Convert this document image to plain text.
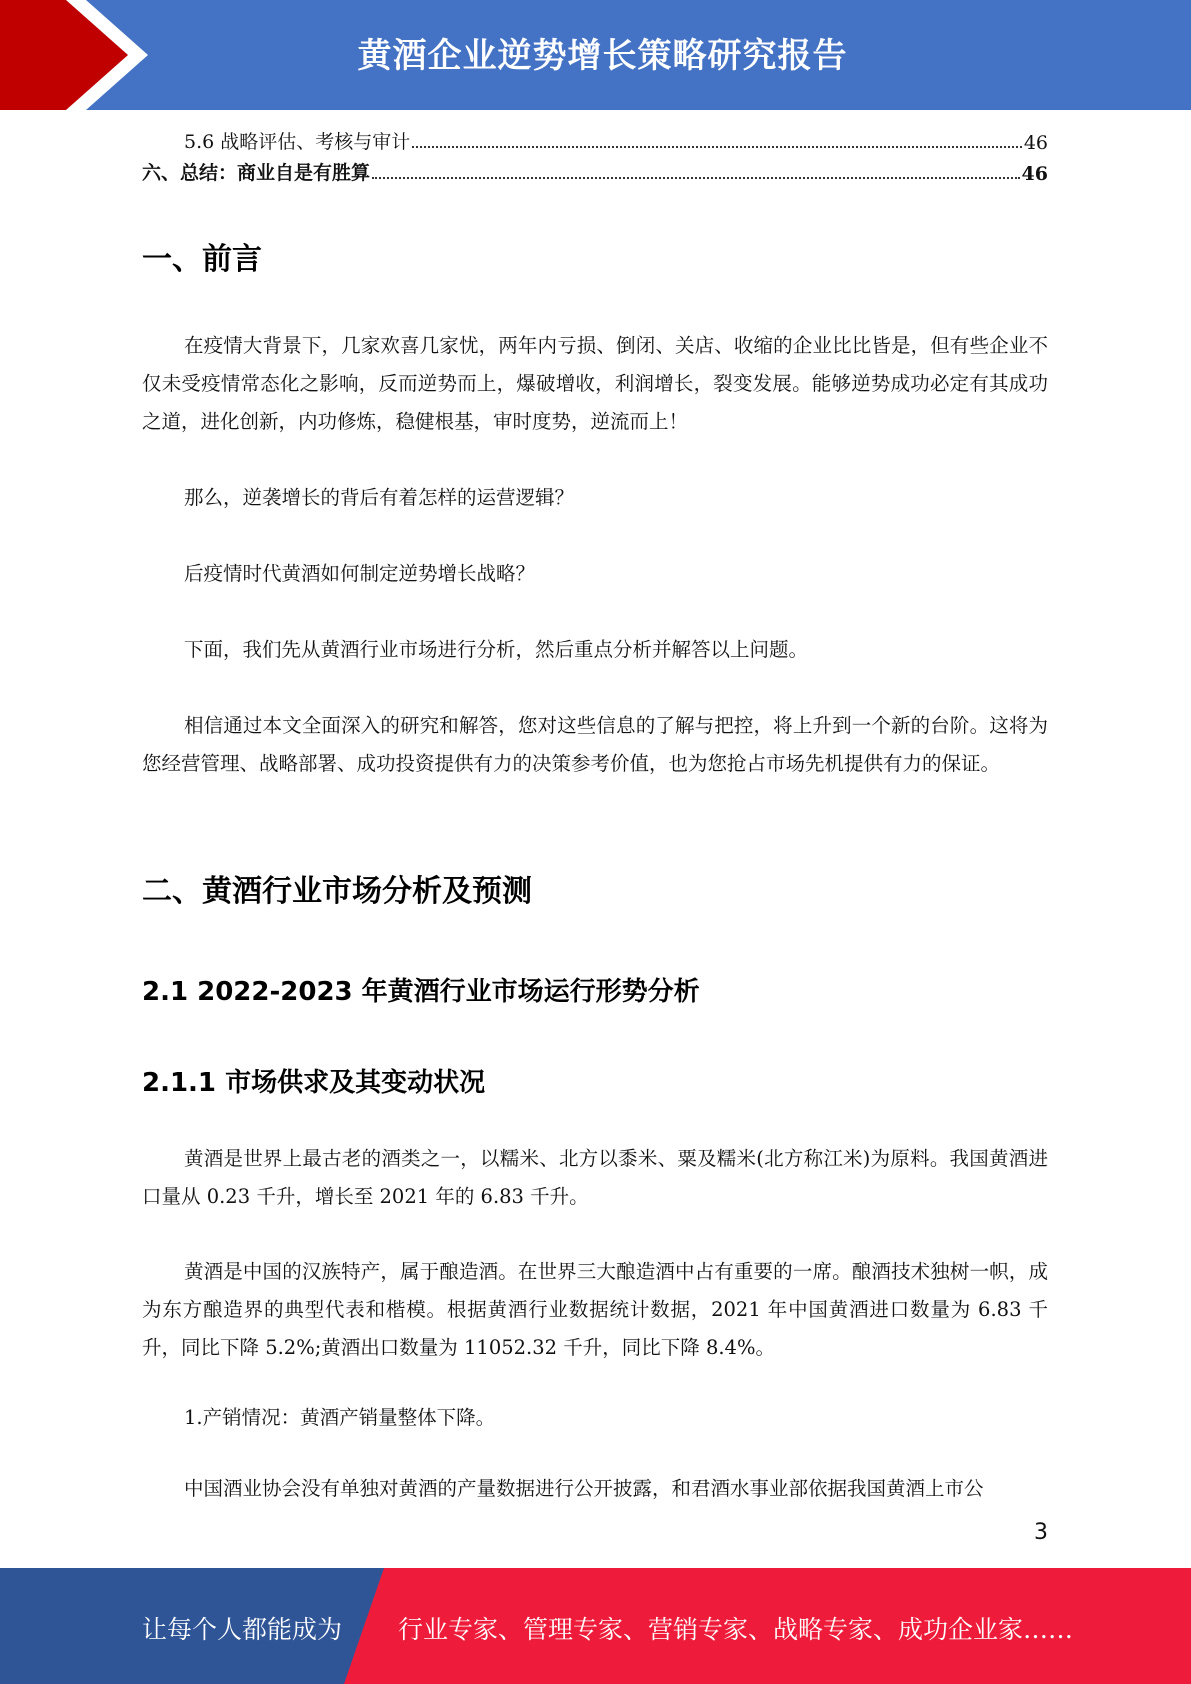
黄酒企业逆势增长策略研究报告
5.6 战略评估、考核与审计	46
六、总结：商业自是有胜算	46
一、前言
在疫情大背景下，几家欢喜几家忧，两年内亏损、倒闭、关店、收缩的企业比比皆是，但有些企业不仅未受疫情常态化之影响，反而逆势而上，爆破增收，利润增长，裂变发展。能够逆势成功必定有其成功之道，进化创新，内功修炼，稳健根基，审时度势，逆流而上！
那么，逆袭增长的背后有着怎样的运营逻辑？
后疫情时代黄酒如何制定逆势增长战略？
下面，我们先从黄酒行业市场进行分析，然后重点分析并解答以上问题。
相信通过本文全面深入的研究和解答，您对这些信息的了解与把控，将上升到一个新的台阶。这将为您经营管理、战略部署、成功投资提供有力的决策参考价值，也为您抢占市场先机提供有力的保证。
二、黄酒行业市场分析及预测
2.1 2022-2023 年黄酒行业市场运行形势分析
2.1.1 市场供求及其变动状况
黄酒是世界上最古老的酒类之一，以糯米、北方以黍米、粟及糯米(北方称江米)为原料。我国黄酒进口量从 0.23 千升，增长至 2021 年的 6.83 千升。
黄酒是中国的汉族特产，属于酿造酒。在世界三大酿造酒中占有重要的一席。酿酒技术独树一帜，成为东方酿造界的典型代表和楷模。根据黄酒行业数据统计数据，2021 年中国黄酒进口数量为 6.83 千升，同比下降 5.2%;黄酒出口数量为 11052.32 千升，同比下降 8.4%。
1.产销情况：黄酒产销量整体下降。
中国酒业协会没有单独对黄酒的产量数据进行公开披露，和君酒水事业部依据我国黄酒上市公
3
让每个人都能成为 行业专家、管理专家、营销专家、战略专家、成功企业家……
